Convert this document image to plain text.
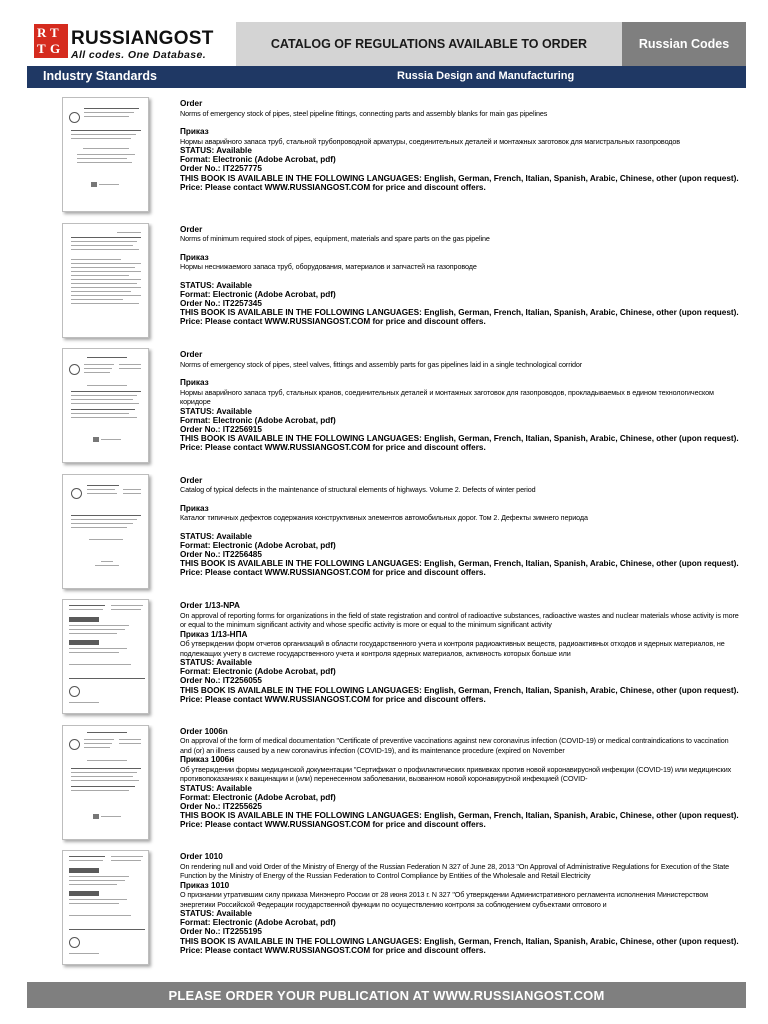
R T
T G RUSSIANGOST
All codes. One Database.
CATALOG OF REGULATIONS AVAILABLE TO ORDER	Russian Codes
Industry Standards	Russia Design and Manufacturing
Order
Norms of emergency stock of pipes, steel pipeline fittings, connecting parts and assembly blanks for main gas pipelines
Приказ
Нормы аварийного запаса труб, стальной трубопроводной арматуры, соединительных деталей и монтажных заготовок для магистральных газопроводов
STATUS: Available
Format: Electronic (Adobe Acrobat, pdf)
Order No.: IT2257775
THIS BOOK IS AVAILABLE IN THE FOLLOWING LANGUAGES: English, German, French, Italian, Spanish, Arabic, Chinese, other (upon request).
Price: Please contact WWW.RUSSIANGOST.COM for price and discount offers.
Order
Norms of minimum required stock of pipes, equipment, materials and spare parts on the gas pipeline
Приказ
Нормы неснижаемого запаса труб, оборудования, материалов и запчастей на газопроводе
STATUS: Available
Format: Electronic (Adobe Acrobat, pdf)
Order No.: IT2257345
THIS BOOK IS AVAILABLE IN THE FOLLOWING LANGUAGES: English, German, French, Italian, Spanish, Arabic, Chinese, other (upon request).
Price: Please contact WWW.RUSSIANGOST.COM for price and discount offers.
Order
Norms of emergency stock of pipes, steel valves, fittings and assembly parts for gas pipelines laid in a single technological corridor
Приказ
Нормы аварийного запаса труб, стальных кранов, соединительных деталей и монтажных заготовок для газопроводов, прокладываемых в едином технологическом коридоре
STATUS: Available
Format: Electronic (Adobe Acrobat, pdf)
Order No.: IT2256915
THIS BOOK IS AVAILABLE IN THE FOLLOWING LANGUAGES: English, German, French, Italian, Spanish, Arabic, Chinese, other (upon request).
Price: Please contact WWW.RUSSIANGOST.COM for price and discount offers.
Order
Catalog of typical defects in the maintenance of structural elements of highways. Volume 2. Defects of winter period
Приказ
Каталог типичных дефектов содержания конструктивных элементов автомобильных дорог. Том 2. Дефекты зимнего периода
STATUS: Available
Format: Electronic (Adobe Acrobat, pdf)
Order No.: IT2256485
THIS BOOK IS AVAILABLE IN THE FOLLOWING LANGUAGES: English, German, French, Italian, Spanish, Arabic, Chinese, other (upon request).
Price: Please contact WWW.RUSSIANGOST.COM for price and discount offers.
Order 1/13-NPA
On approval of reporting forms for organizations in the field of state registration and control of radioactive substances, radioactive wastes and nuclear materials whose activity is more or equal to the minimum significant activity and whose specific activity is more or equal to the minimum significant activity
Приказ 1/13-НПА
Об утверждении форм отчетов организаций в области государственного учета и контроля радиоактивных веществ, радиоактивных отходов и ядерных материалов, не подлежащих учету в системе государственного учета и контроля ядерных материалов, активность которых больше или
STATUS: Available
Format: Electronic (Adobe Acrobat, pdf)
Order No.: IT2256055
THIS BOOK IS AVAILABLE IN THE FOLLOWING LANGUAGES: English, German, French, Italian, Spanish, Arabic, Chinese, other (upon request).
Price: Please contact WWW.RUSSIANGOST.COM for price and discount offers.
Order 1006n
On approval of the form of medical documentation "Certificate of preventive vaccinations against new coronavirus infection (COVID-19) or medical contraindications to vaccination and (or) an illness caused by a new coronavirus infection (COVID-19), and its maintenance procedure (expired on November
Приказ 1006н
Об утверждении формы медицинской документации "Сертификат о профилактических прививках против новой коронавирусной инфекции (COVID-19) или медицинских противопоказаниях к вакцинации и (или) перенесенном заболевании, вызванном новой коронавирусной инфекцией (COVID-
STATUS: Available
Format: Electronic (Adobe Acrobat, pdf)
Order No.: IT2255625
THIS BOOK IS AVAILABLE IN THE FOLLOWING LANGUAGES: English, German, French, Italian, Spanish, Arabic, Chinese, other (upon request).
Price: Please contact WWW.RUSSIANGOST.COM for price and discount offers.
Order 1010
On rendering null and void Order of the Ministry of Energy of the Russian Federation N 327 of June 28, 2013 "On Approval of Administrative Regulations for Execution of the State Function by the Ministry of Energy of the Russian Federation to Control Compliance by Entities of the Wholesale and Retail Electricity
Приказ 1010
О признании утратившим силу приказа Минэнерго России от 28 июня 2013 г. N 327 "Об утверждении Административного регламента исполнения Министерством энергетики Российской Федерации государственной функции по осуществлению контроля за соблюдением субъектами оптового и
STATUS: Available
Format: Electronic (Adobe Acrobat, pdf)
Order No.: IT2255195
THIS BOOK IS AVAILABLE IN THE FOLLOWING LANGUAGES: English, German, French, Italian, Spanish, Arabic, Chinese, other (upon request).
Price: Please contact WWW.RUSSIANGOST.COM for price and discount offers.
PLEASE ORDER YOUR PUBLICATION AT WWW.RUSSIANGOST.COM
